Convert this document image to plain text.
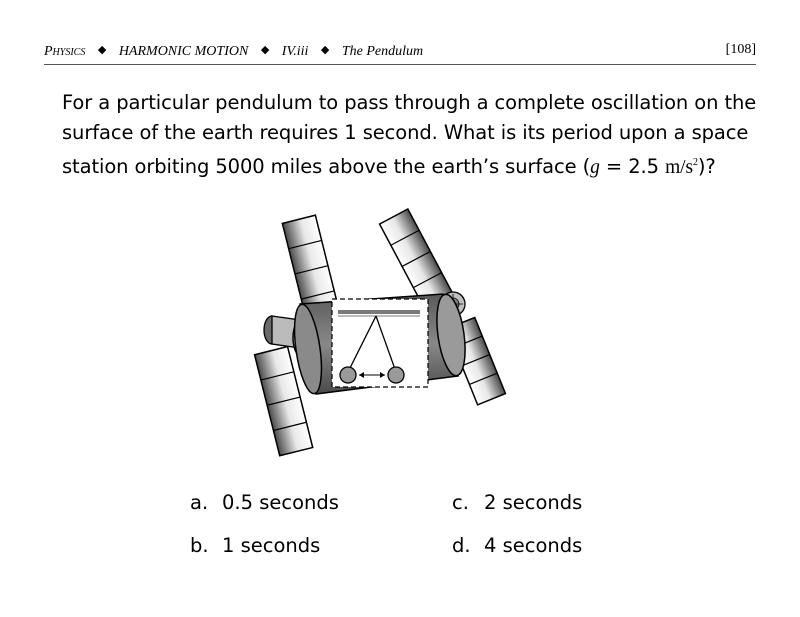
Physics ◆ HARMONIC MOTION ◆ IV.iii ◆ The Pendulum	[108]
For a particular pendulum to pass through a complete oscillation on the surface of the earth requires 1 second. What is its period upon a space station orbiting 5000 miles above the earth’s surface (g = 2.5 $m/s^2$)?
a. 0.5 seconds
b. 1 seconds
c. 2 seconds
d. 4 seconds
